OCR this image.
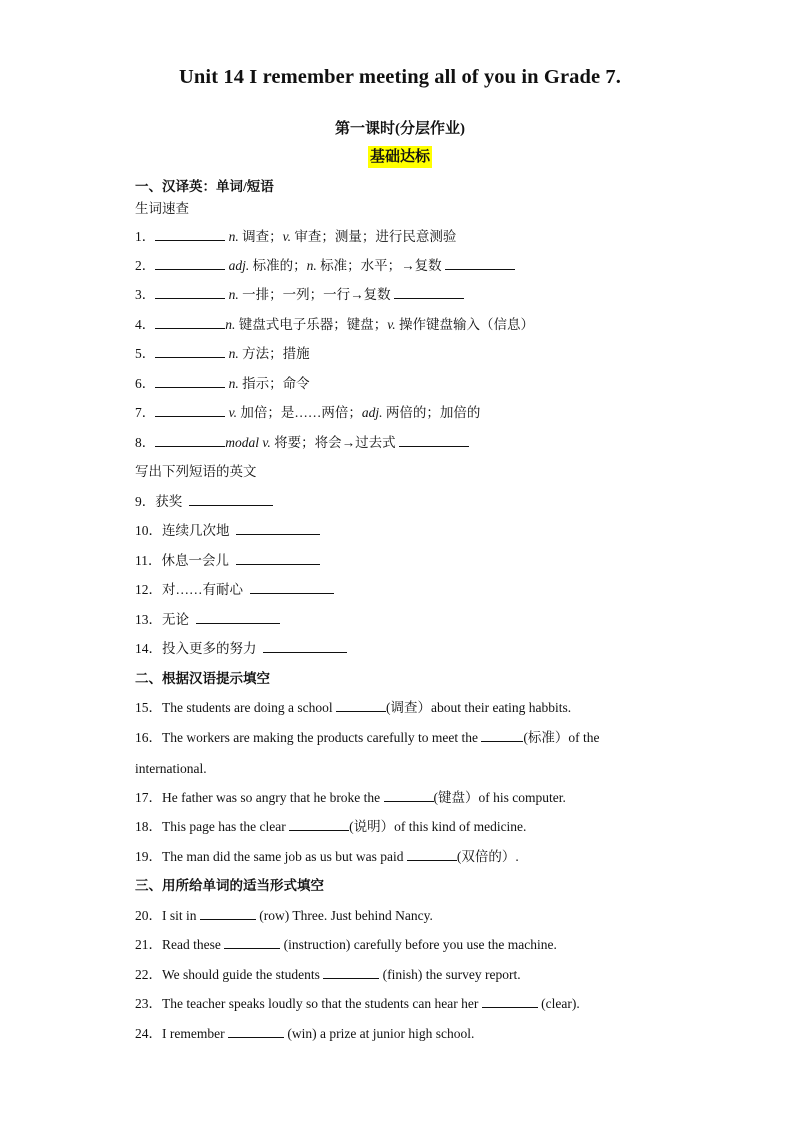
Unit 14 I remember meeting all of you in Grade 7.
第一课时(分层作业)
基础达标
一、汉译英：单词/短语
生词速查
1．	n. 调查；v. 审查；测量；进行民意测验
2．	adj. 标准的；n. 标准；水平；→复数
3．	n. 一排；一列；一行→复数
4．	n. 键盘式电子乐器；键盘；v. 操作键盘输入（信息）
5．	n. 方法；措施
6．	n. 指示；命令
7．	v. 加倍；是……两倍；adj. 两倍的；加倍的
8．	modal v. 将要；将会→过去式
写出下列短语的英文
9．获奖
10．连续几次地
11．休息一会儿
12．对……有耐心
13．无论
14．投入更多的努力
二、根据汉语提示填空
15．The students are doing a school	(调查）about their eating habbits.
16．The workers are making the products carefully to meet the	(标准）of the
international.
17．He father was so angry that he broke the	(键盘）of his computer.
18．This page has the clear	(说明）of this kind of medicine.
19．The man did the same job as us but was paid	(双倍的）.
三、用所给单词的适当形式填空
20．I sit in	(row) Three. Just behind Nancy.
21．Read these	(instruction) carefully before you use the machine.
22．We should guide the students	(finish) the survey report.
23．The teacher speaks loudly so that the students can hear her	(clear).
24．I remember	(win) a prize at junior high school.
